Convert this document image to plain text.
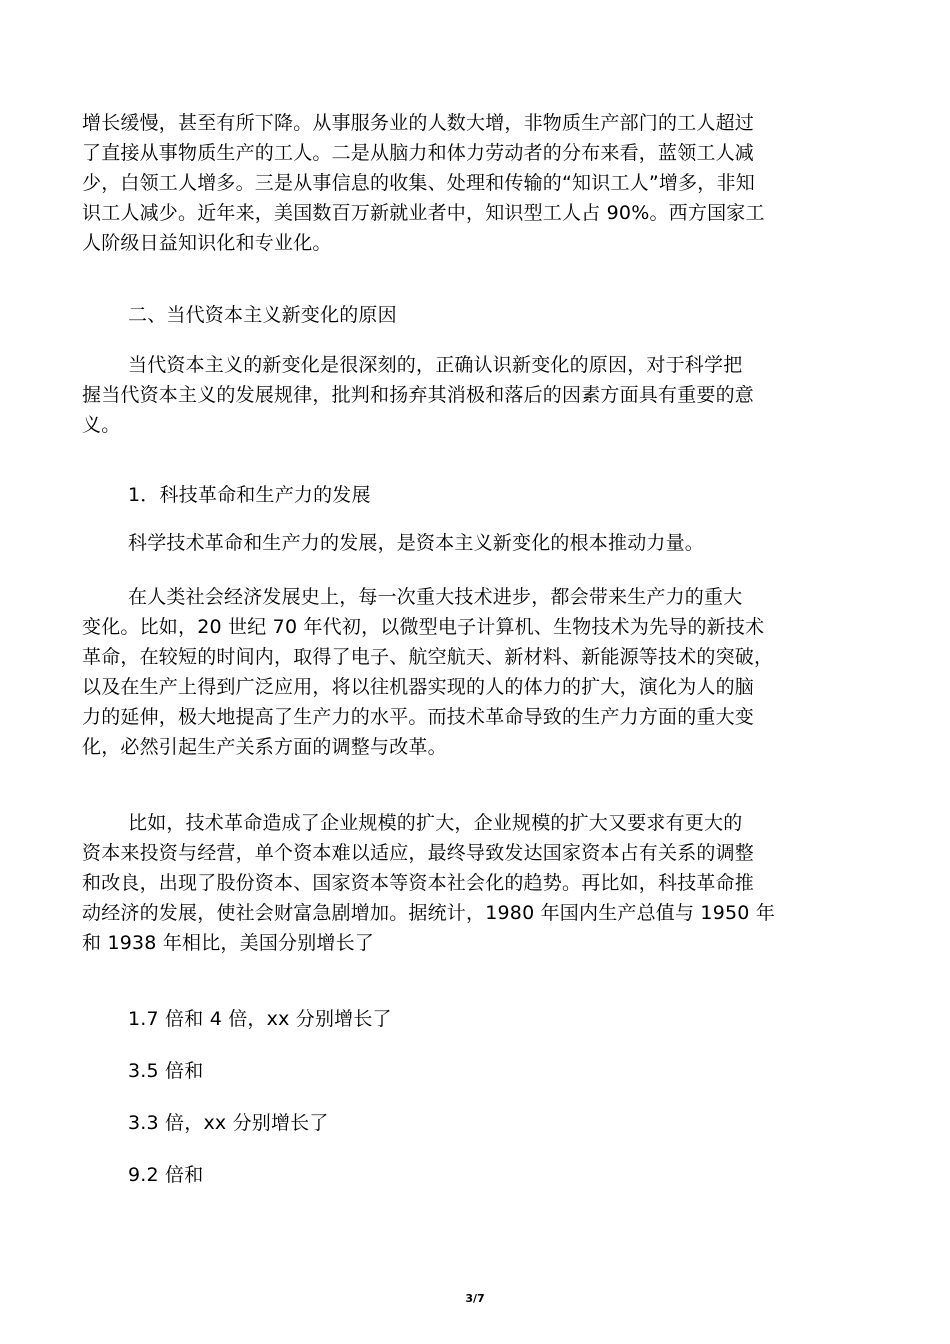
增长缓慢，甚至有所下降。从事服务业的人数大增，非物质生产部门的工人超过
了直接从事物质生产的工人。二是从脑力和体力劳动者的分布来看，蓝领工人减
少，白领工人增多。三是从事信息的收集、处理和传输的“知识工人”增多，非知
识工人减少。近年来，美国数百万新就业者中，知识型工人占 90%。西方国家工
人阶级日益知识化和专业化。
二、当代资本主义新变化的原因
当代资本主义的新变化是很深刻的，正确认识新变化的原因，对于科学把
握当代资本主义的发展规律，批判和扬弃其消极和落后的因素方面具有重要的意
义。
1．科技革命和生产力的发展
科学技术革命和生产力的发展，是资本主义新变化的根本推动力量。
在人类社会经济发展史上，每一次重大技术进步，都会带来生产力的重大
变化。比如，20 世纪 70 年代初，以微型电子计算机、生物技术为先导的新技术
革命，在较短的时间内，取得了电子、航空航天、新材料、新能源等技术的突破，
以及在生产上得到广泛应用，将以往机器实现的人的体力的扩大，演化为人的脑
力的延伸，极大地提高了生产力的水平。而技术革命导致的生产力方面的重大变
化，必然引起生产关系方面的调整与改革。
比如，技术革命造成了企业规模的扩大，企业规模的扩大又要求有更大的
资本来投资与经营，单个资本难以适应，最终导致发达国家资本占有关系的调整
和改良，出现了股份资本、国家资本等资本社会化的趋势。再比如，科技革命推
动经济的发展，使社会财富急剧增加。据统计，1980 年国内生产总值与 1950 年
和 1938 年相比，美国分别增长了
1.7 倍和 4 倍，xx 分别增长了
3.5 倍和
3.3 倍，xx 分别增长了
9.2 倍和
3/7
